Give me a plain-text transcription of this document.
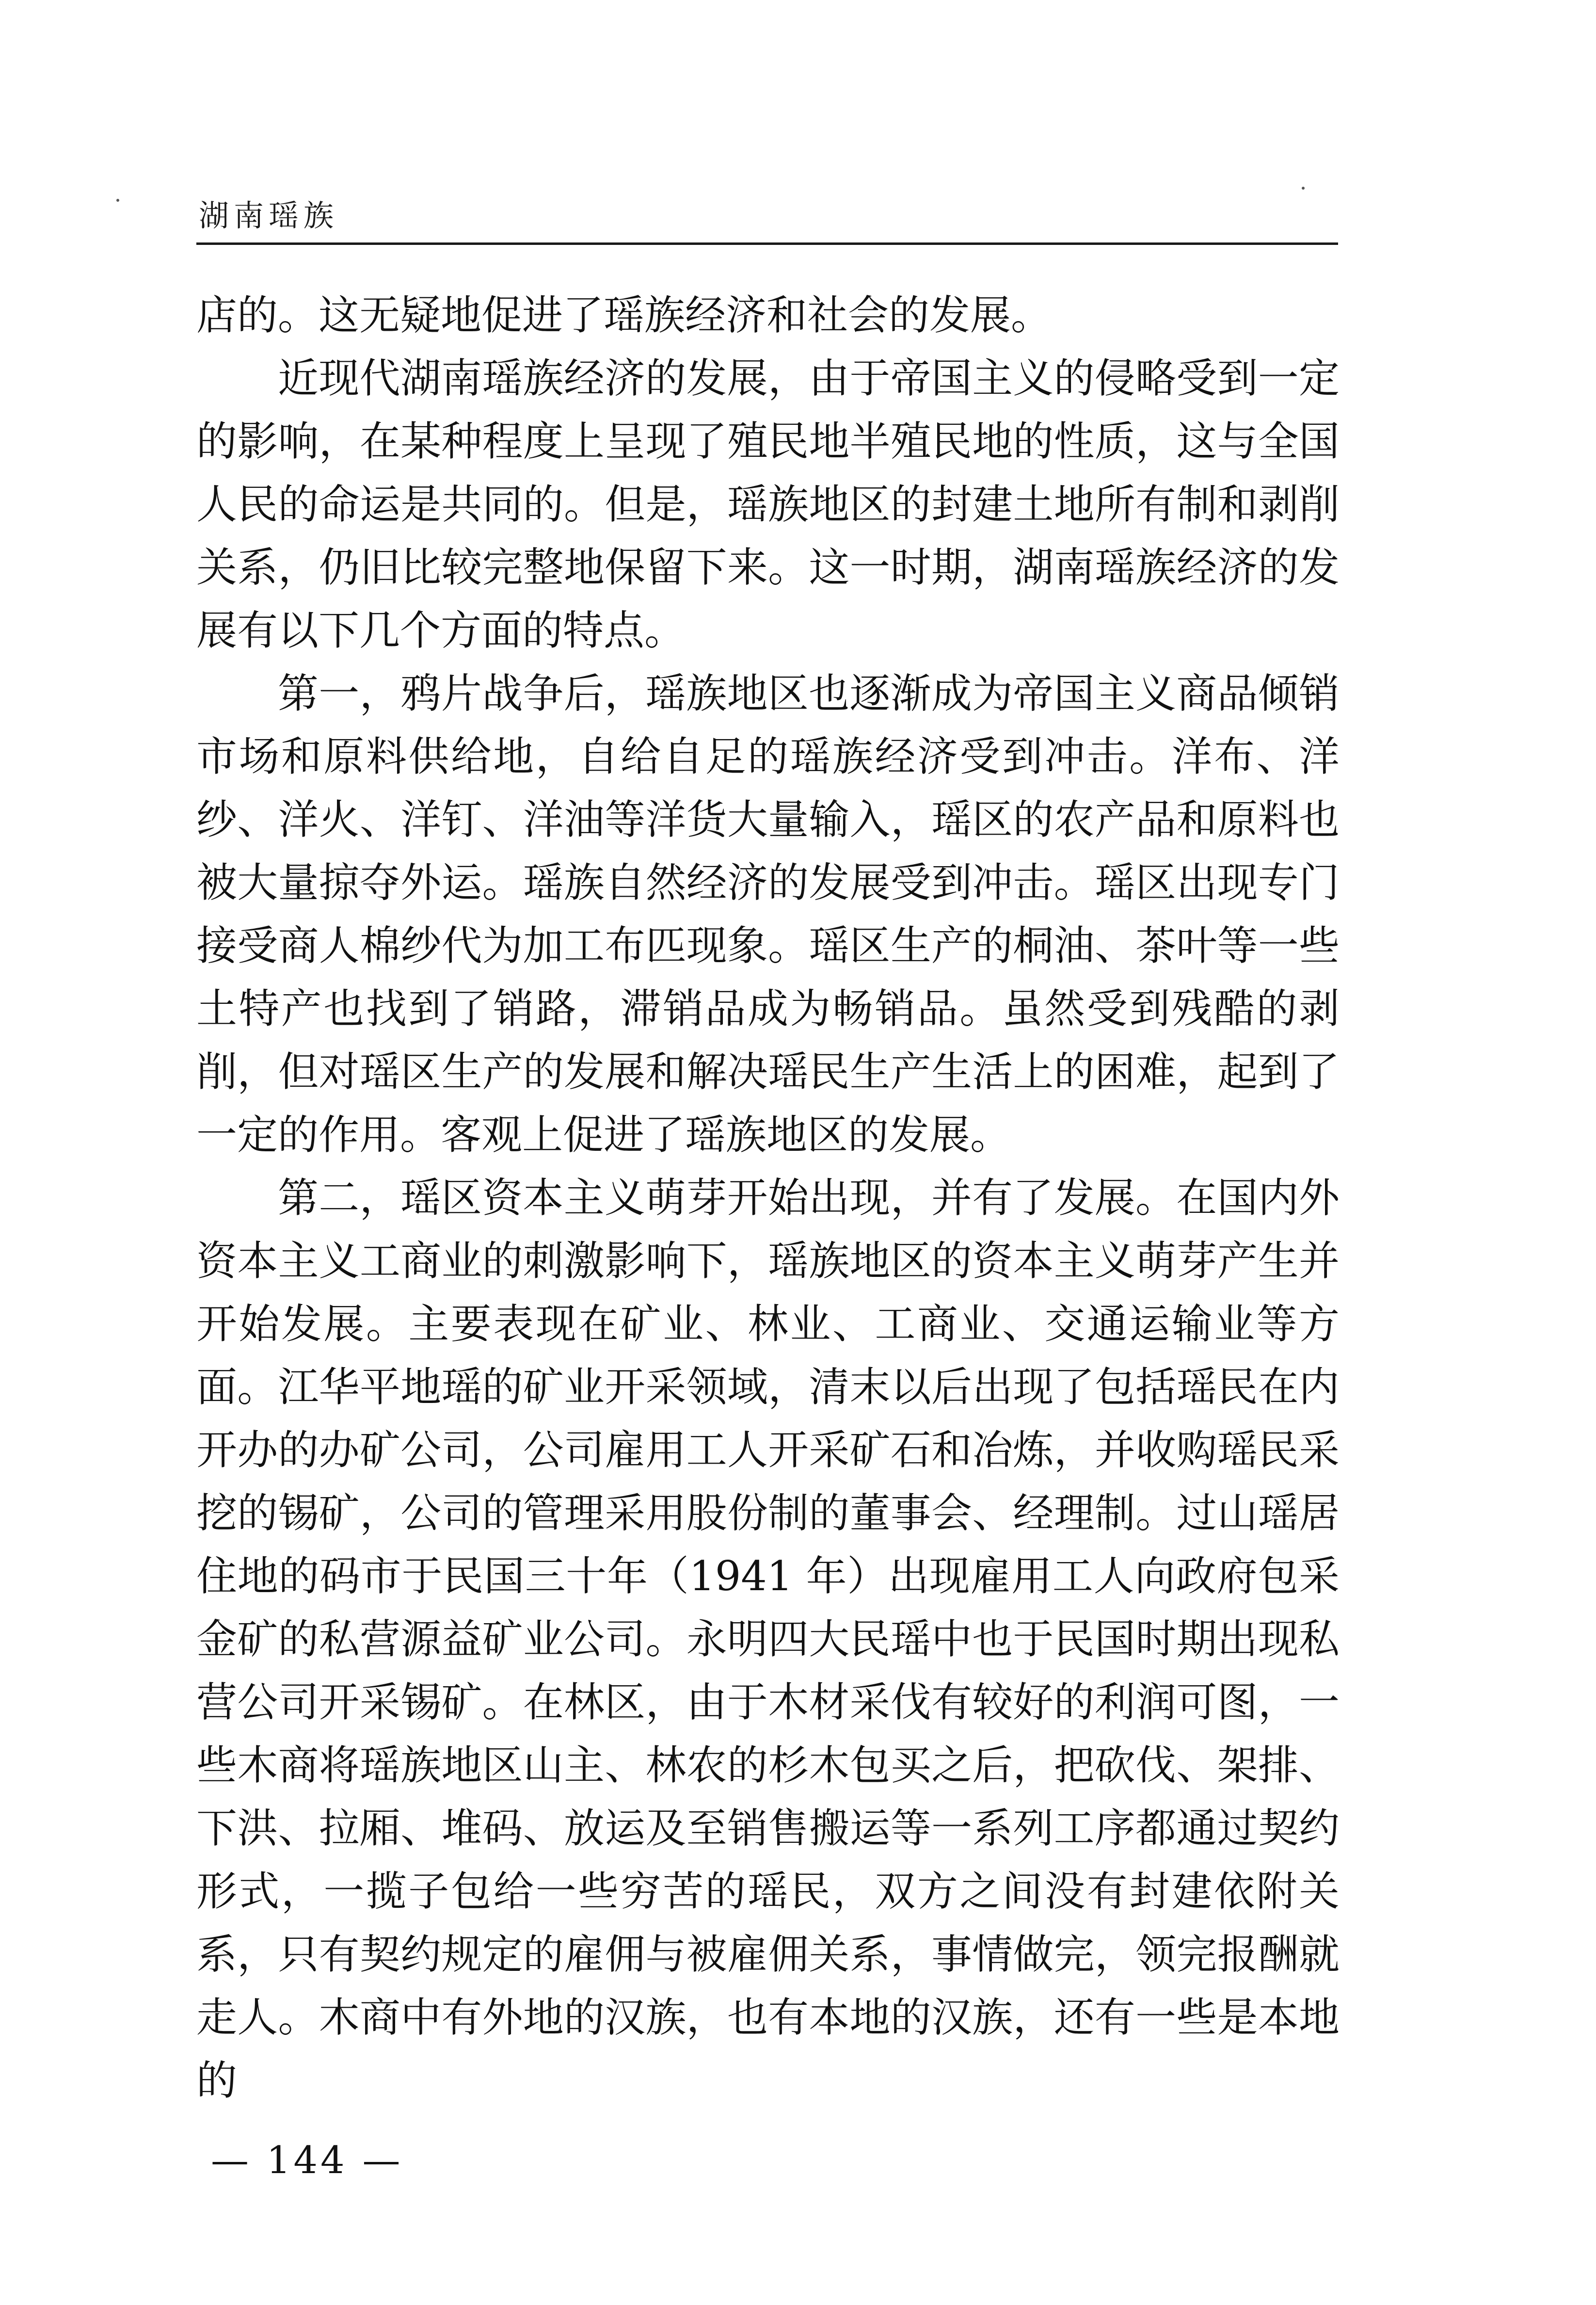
湖南瑶族

店的。这无疑地促进了瑶族经济和社会的发展。

近现代湖南瑶族经济的发展，由于帝国主义的侵略受到一定的影响，在某种程度上呈现了殖民地半殖民地的性质，这与全国人民的命运是共同的。但是，瑶族地区的封建土地所有制和剥削关系，仍旧比较完整地保留下来。这一时期，湖南瑶族经济的发展有以下几个方面的特点。

第一，鸦片战争后，瑶族地区也逐渐成为帝国主义商品倾销市场和原料供给地，自给自足的瑶族经济受到冲击。洋布、洋纱、洋火、洋钉、洋油等洋货大量输入，瑶区的农产品和原料也被大量掠夺外运。瑶族自然经济的发展受到冲击。瑶区出现专门接受商人棉纱代为加工布匹现象。瑶区生产的桐油、茶叶等一些土特产也找到了销路，滞销品成为畅销品。虽然受到残酷的剥削，但对瑶区生产的发展和解决瑶民生产生活上的困难，起到了一定的作用。客观上促进了瑶族地区的发展。

第二，瑶区资本主义萌芽开始出现，并有了发展。在国内外资本主义工商业的刺激影响下，瑶族地区的资本主义萌芽产生并开始发展。主要表现在矿业、林业、工商业、交通运输业等方面。江华平地瑶的矿业开采领域，清末以后出现了包括瑶民在内开办的办矿公司，公司雇用工人开采矿石和冶炼，并收购瑶民采挖的锡矿，公司的管理采用股份制的董事会、经理制。过山瑶居住地的码市于民国三十年（1941 年）出现雇用工人向政府包采金矿的私营源益矿业公司。永明四大民瑶中也于民国时期出现私营公司开采锡矿。在林区，由于木材采伐有较好的利润可图，一些木商将瑶族地区山主、林农的杉木包买之后，把砍伐、架排、下洪、拉厢、堆码、放运及至销售搬运等一系列工序都通过契约形式，一揽子包给一些穷苦的瑶民，双方之间没有封建依附关系，只有契约规定的雇佣与被雇佣关系，事情做完，领完报酬就走人。木商中有外地的汉族，也有本地的汉族，还有一些是本地的

— 144 —
